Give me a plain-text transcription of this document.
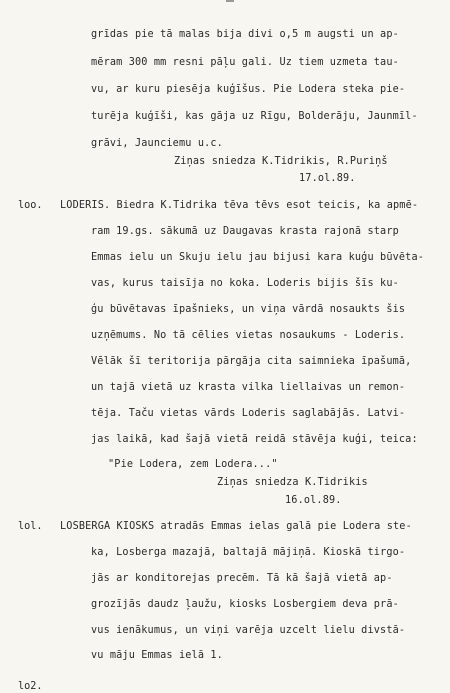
grīdas pie tā malas bija divi o,5 m augsti un ap-
mēram 300 mm resni pāļu gali. Uz tiem uzmeta tau-
vu, ar kuru piesēja kuģīšus. Pie Lodera steka pie-
turēja kuģīši, kas gāja uz Rīgu, Bolderāju, Jaunmīl-
grāvi, Jaunciemu u.c.
Ziņas sniedza K.Tidrikis, R.Puriņš
17.ol.89.
loo. LODERIS. Biedra K.Tidrika tēva tēvs esot teicis, ka apmē-
ram 19.gs. sākumā uz Daugavas krasta rajonā starp
Emmas ielu un Skuju ielu jau bijusi kara kuģu būvēta-
vas, kurus taisīja no koka. Loderis bijis šīs ku-
ģu būvētavas īpašnieks, un viņa vārdā nosaukts šis
uzņēmums. No tā cēlies vietas nosaukums - Loderis.
Vēlāk šī teritorija pārgāja cita saimnieka īpašumā,
un tajā vietā uz krasta vilka liellaivas un remon-
tēja. Taču vietas vārds Loderis saglabājās. Latvi-
jas laikā, kad šajā vietā reidā stāvēja kuģi, teica:
"Pie Lodera, zem Lodera..."
Ziņas sniedza K.Tidrikis
16.ol.89.
lol. LOSBERGA KIOSKS atradās Emmas ielas galā pie Lodera ste-
ka, Losberga mazajā, baltajā mājiņā. Kioskā tirgo-
jās ar konditorejas precēm. Tā kā šajā vietā ap-
grozījās daudz ļaužu, kiosks Losbergiem deva prā-
vus ienākumus, un viņi varēja uzcelt lielu divstā-
vu māju Emmas ielā 1.
lo2.
